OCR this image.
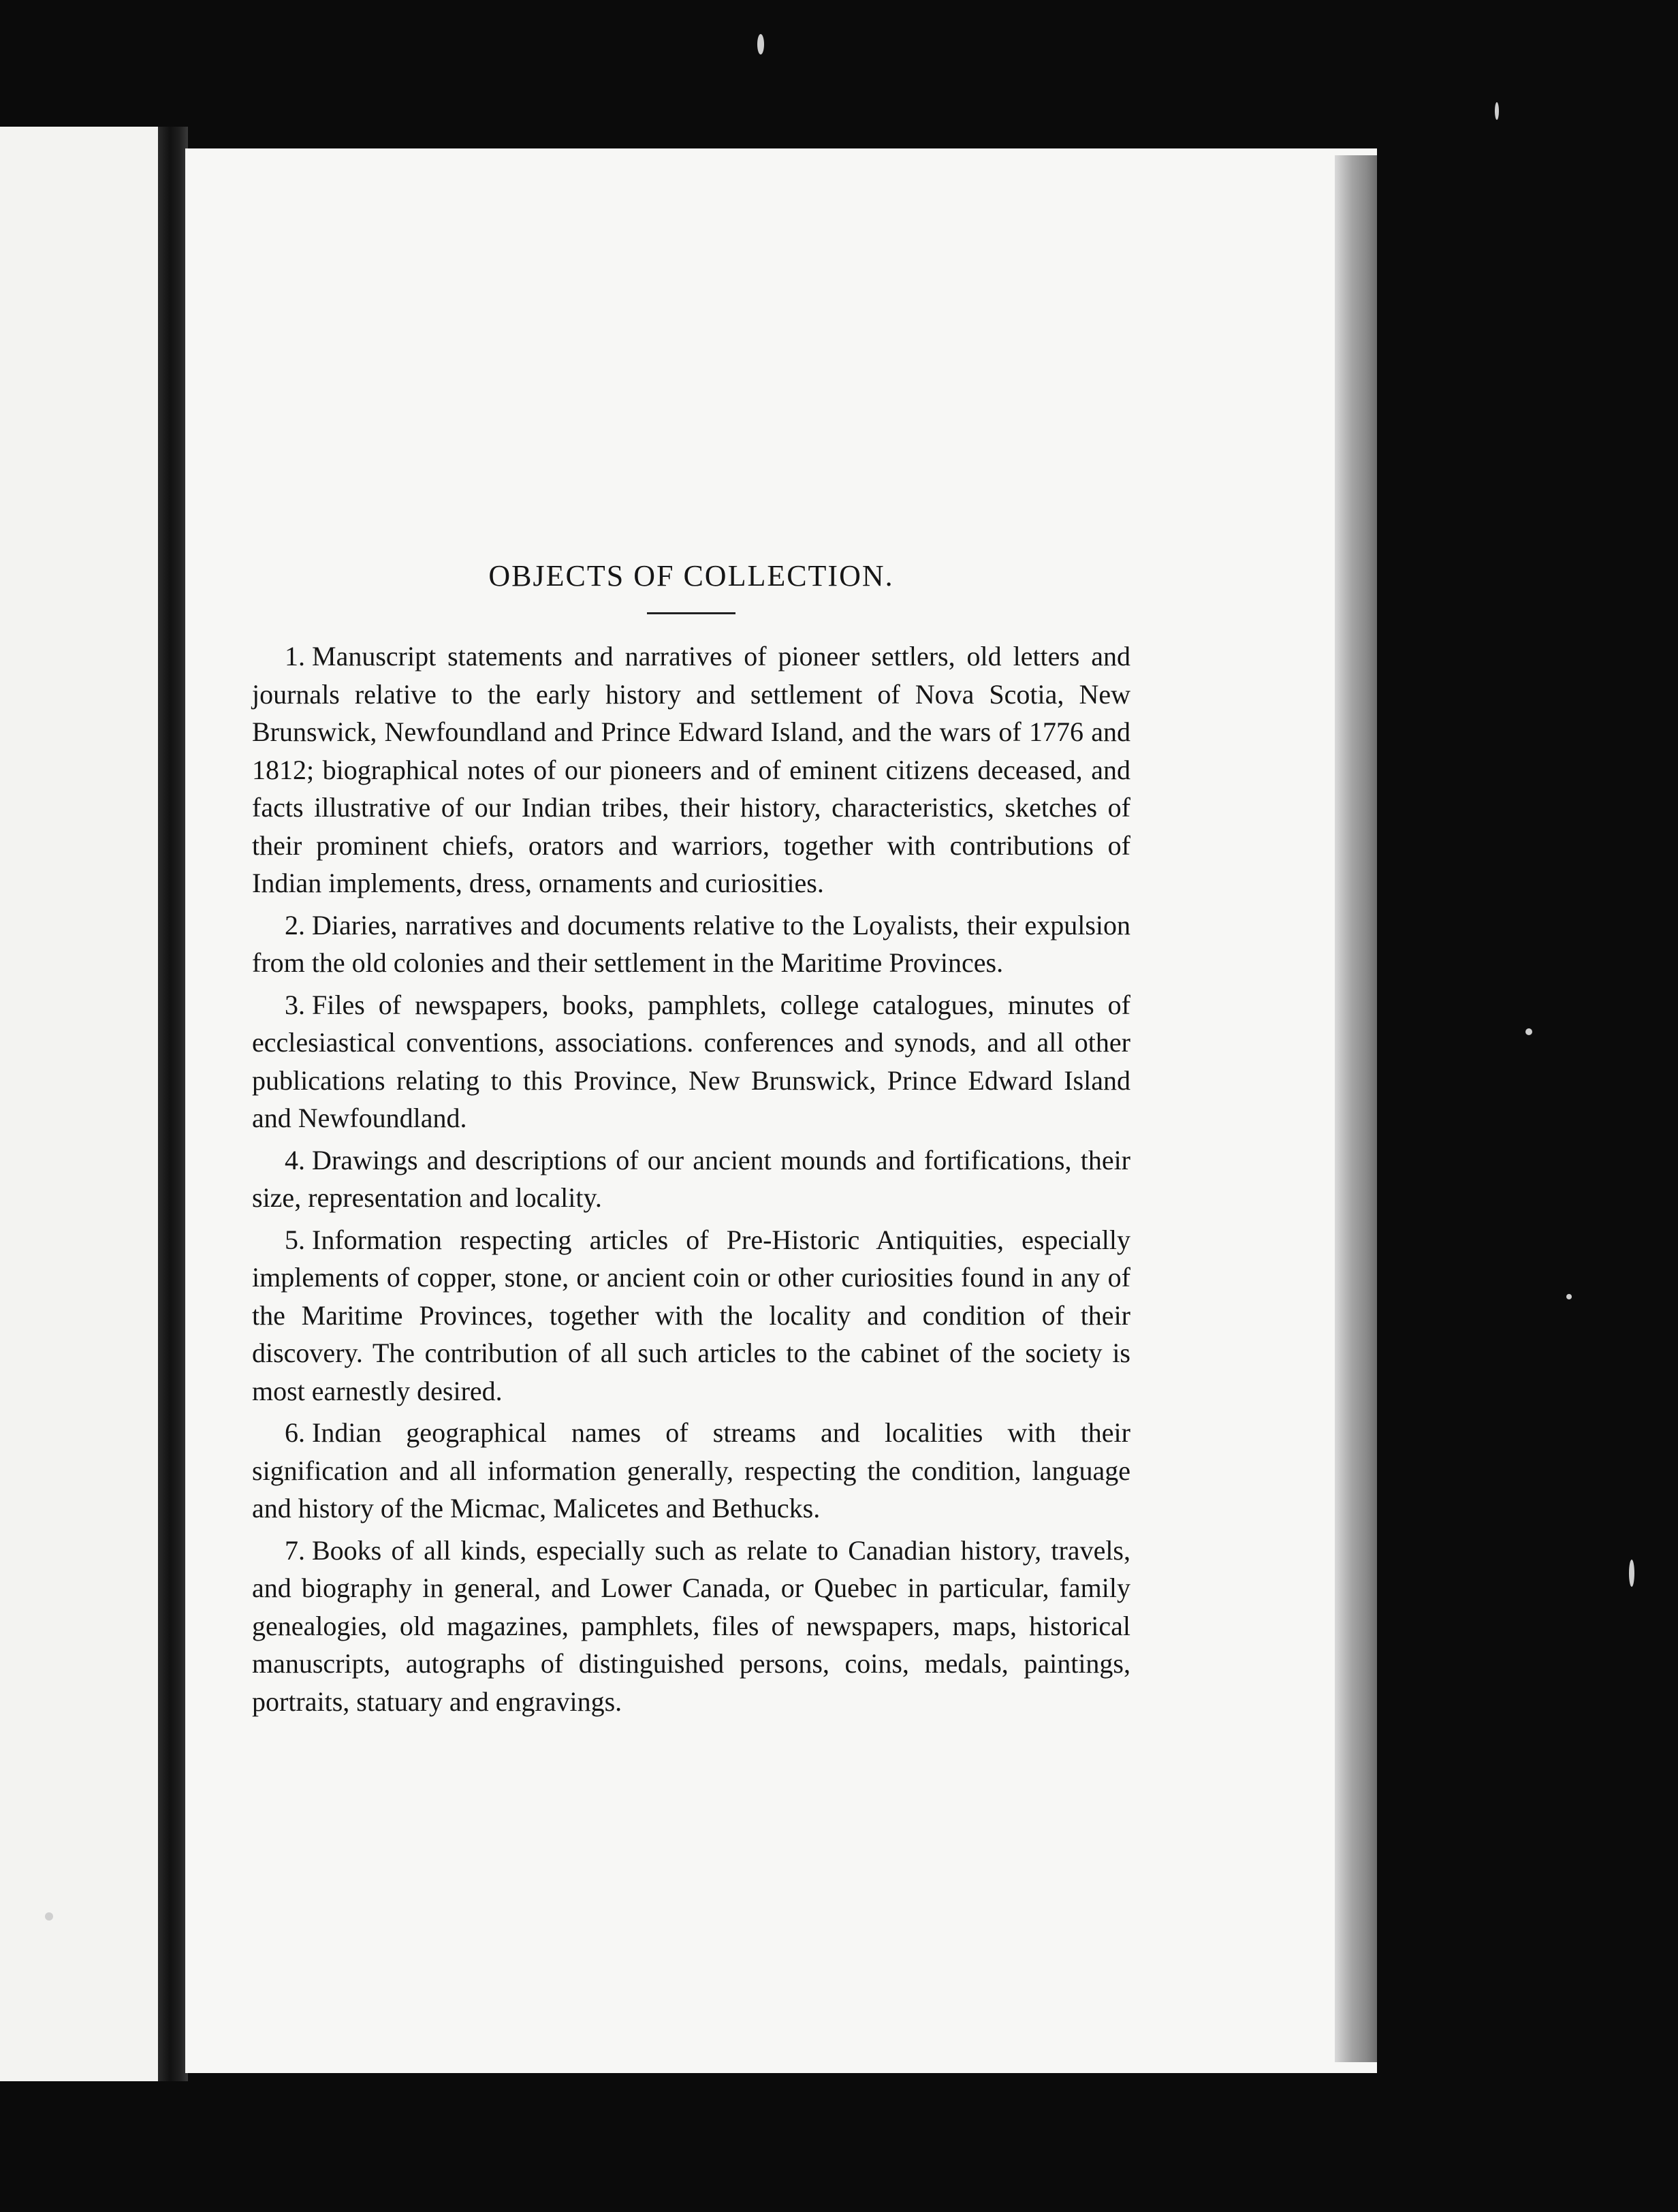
OBJECTS OF COLLECTION.

1. Manuscript statements and narratives of pioneer settlers, old letters and journals relative to the early history and settlement of Nova Scotia, New Brunswick, Newfoundland and Prince Edward Island, and the wars of 1776 and 1812; biographical notes of our pioneers and of eminent citizens deceased, and facts illustrative of our Indian tribes, their history, characteristics, sketches of their prominent chiefs, orators and warriors, together with contributions of Indian implements, dress, ornaments and curiosities.

2. Diaries, narratives and documents relative to the Loyalists, their expulsion from the old colonies and their settlement in the Maritime Provinces.

3. Files of newspapers, books, pamphlets, college catalogues, minutes of ecclesiastical conventions, associations. conferences and synods, and all other publications relating to this Province, New Brunswick, Prince Edward Island and Newfoundland.

4. Drawings and descriptions of our ancient mounds and fortifications, their size, representation and locality.

5. Information respecting articles of Pre-Historic Antiquities, especially implements of copper, stone, or ancient coin or other curiosities found in any of the Maritime Provinces, together with the locality and condition of their discovery. The contribution of all such articles to the cabinet of the society is most earnestly desired.

6. Indian geographical names of streams and localities with their signification and all information generally, respecting the condition, language and history of the Micmac, Malicetes and Bethucks.

7. Books of all kinds, especially such as relate to Canadian history, travels, and biography in general, and Lower Canada, or Quebec in particular, family genealogies, old magazines, pamphlets, files of newspapers, maps, historical manuscripts, autographs of distinguished persons, coins, medals, paintings, portraits, statuary and engravings.
